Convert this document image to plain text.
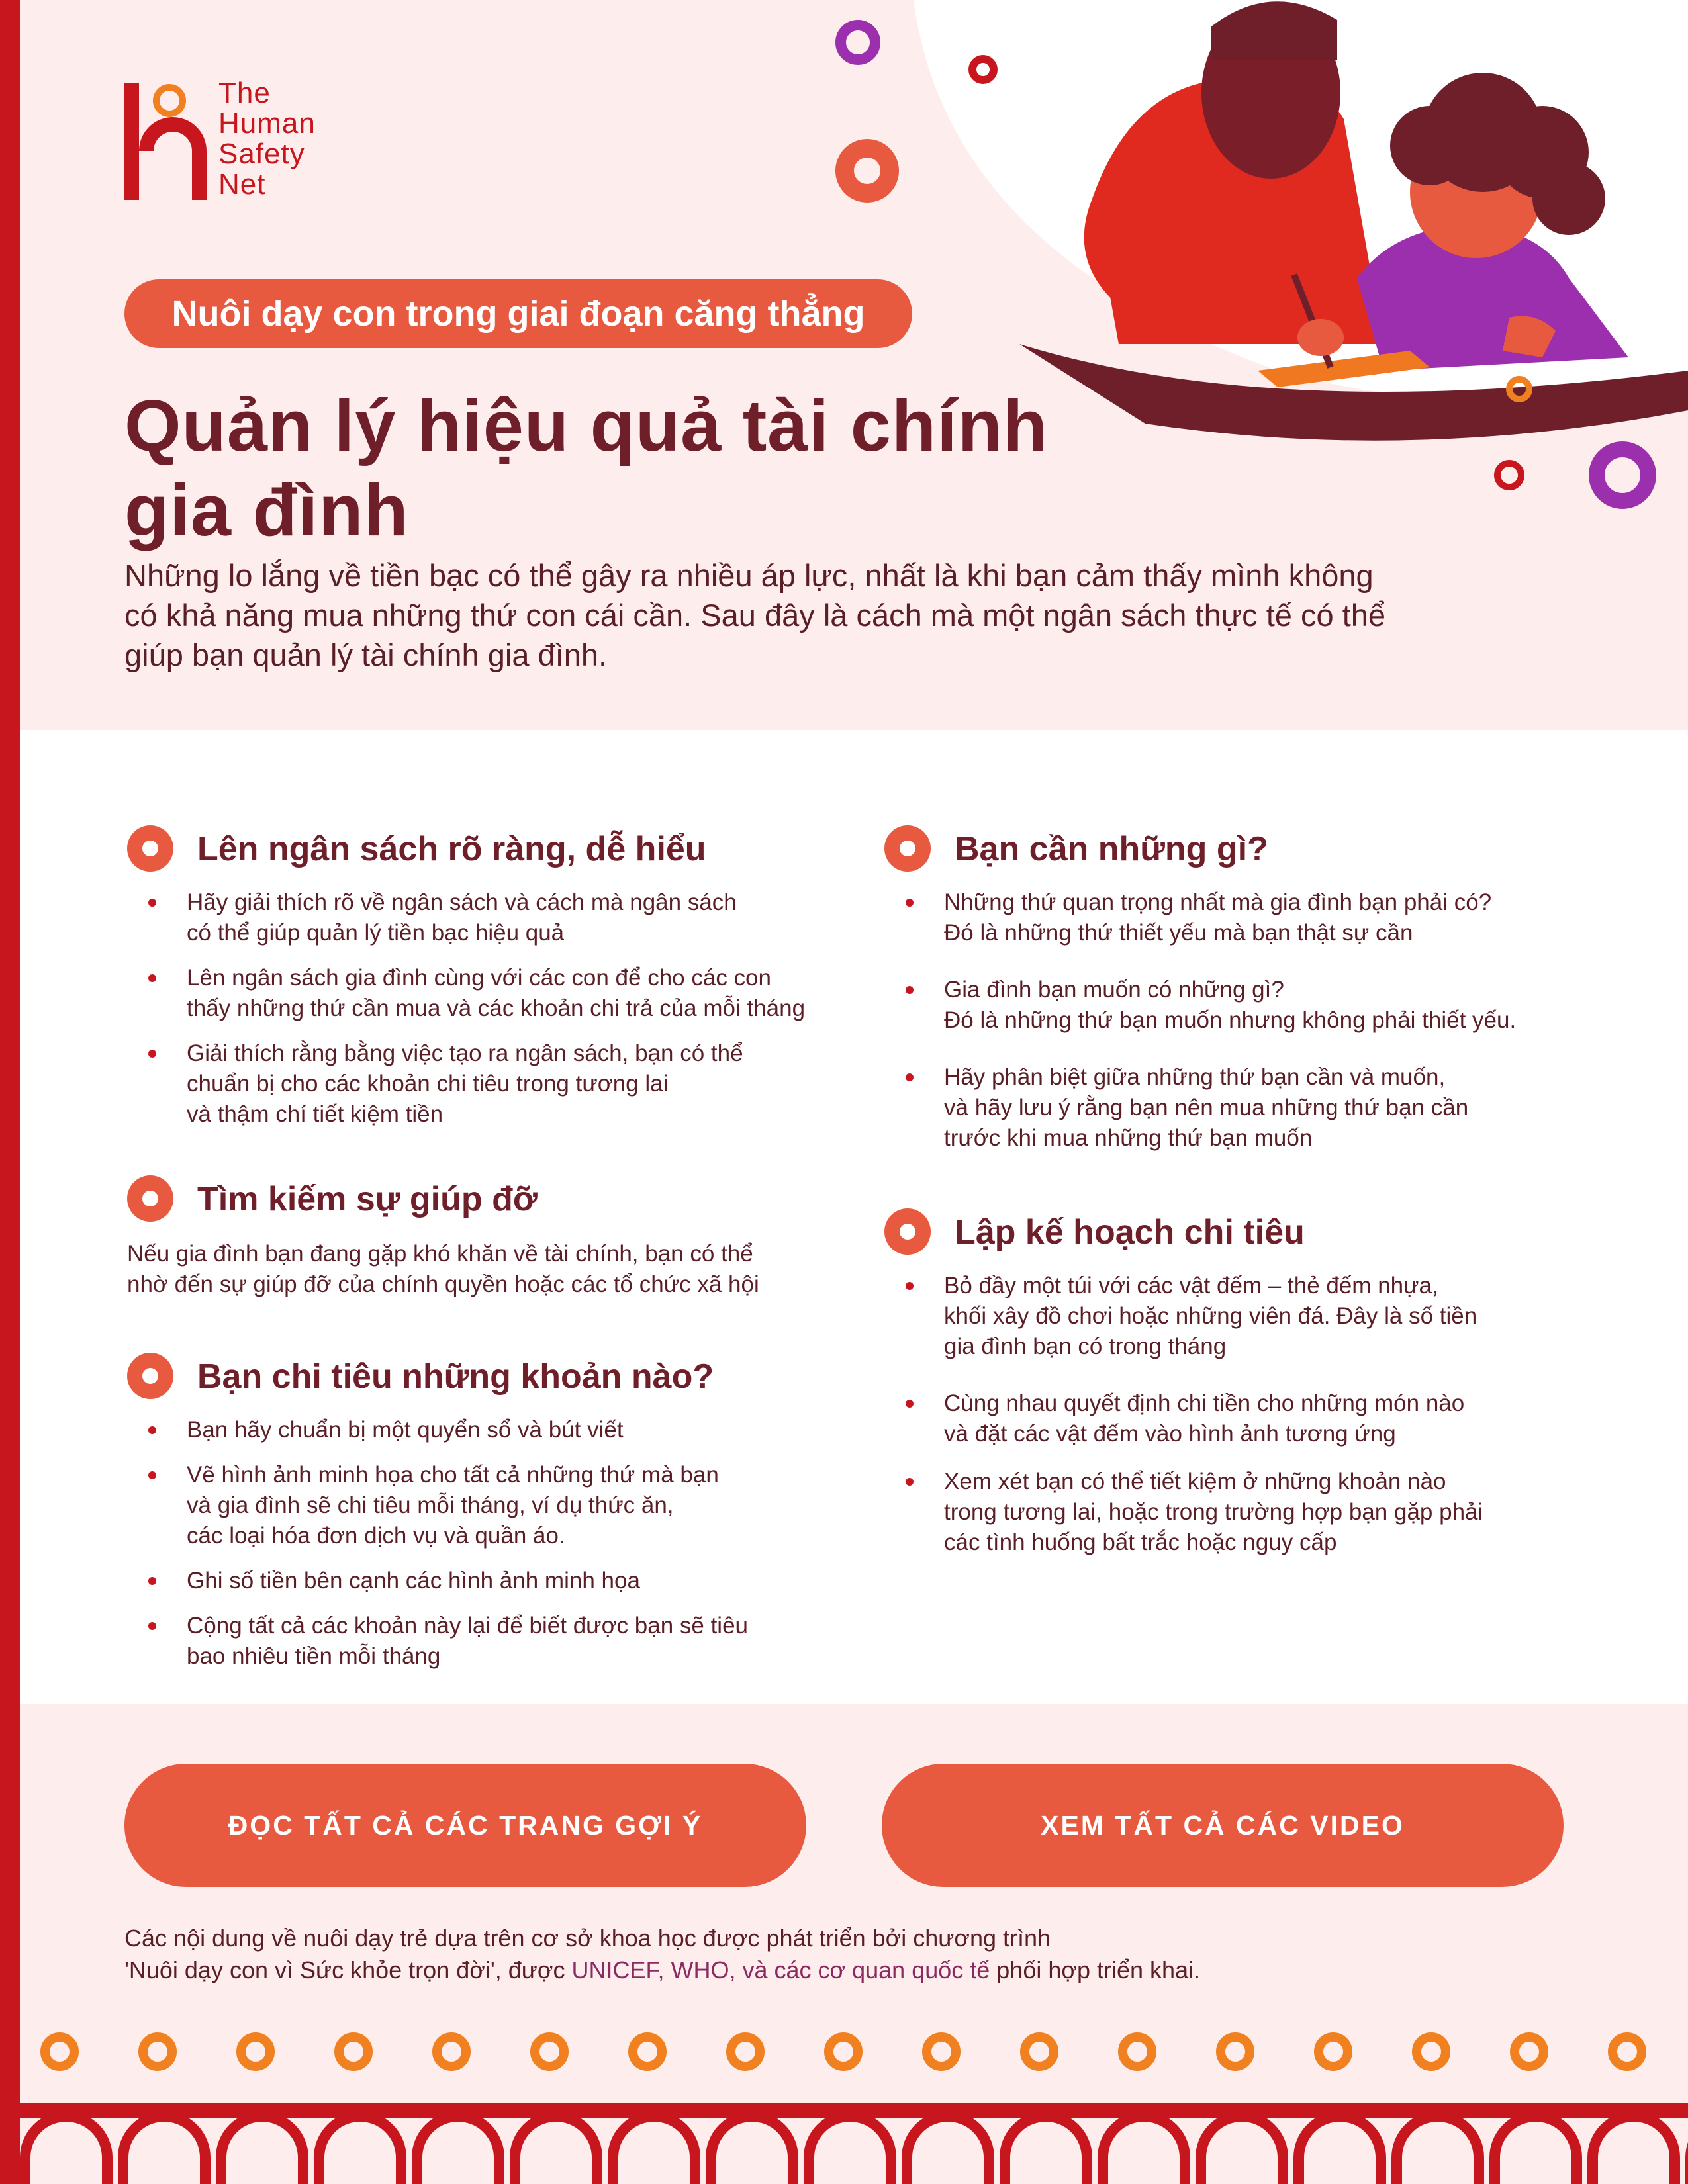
The
Human
Safety
Net
Nuôi dạy con trong giai đoạn căng thẳng
Quản lý hiệu quả tài chính
gia đình
Những lo lắng về tiền bạc có thể gây ra nhiều áp lực, nhất là khi bạn cảm thấy mình không
có khả năng mua những thứ con cái cần. Sau đây là cách mà một ngân sách thực tế có thể
giúp bạn quản lý tài chính gia đình.
Lên ngân sách rõ ràng, dễ hiểu
Hãy giải thích rõ về ngân sách và cách mà ngân sách
có thể giúp quản lý tiền bạc hiệu quả
Lên ngân sách gia đình cùng với các con để cho các con
thấy những thứ cần mua và các khoản chi trả của mỗi tháng
Giải thích rằng bằng việc tạo ra ngân sách, bạn có thể
chuẩn bị cho các khoản chi tiêu trong tương lai
và thậm chí tiết kiệm tiền
Tìm kiếm sự giúp đỡ
Nếu gia đình bạn đang gặp khó khăn về tài chính, bạn có thể
nhờ đến sự giúp đỡ của chính quyền hoặc các tổ chức xã hội
Bạn chi tiêu những khoản nào?
Bạn hãy chuẩn bị một quyển sổ và bút viết
Vẽ hình ảnh minh họa cho tất cả những thứ mà bạn
và gia đình sẽ chi tiêu mỗi tháng, ví dụ thức ăn,
các loại hóa đơn dịch vụ và quần áo.
Ghi số tiền bên cạnh các hình ảnh minh họa
Cộng tất cả các khoản này lại để biết được bạn sẽ tiêu
bao nhiêu tiền mỗi tháng
Bạn cần những gì?
Những thứ quan trọng nhất mà gia đình bạn phải có?
Đó là những thứ thiết yếu mà bạn thật sự cần
Gia đình bạn muốn có những gì?
Đó là những thứ bạn muốn nhưng không phải thiết yếu.
Hãy phân biệt giữa những thứ bạn cần và muốn,
và hãy lưu ý rằng bạn nên mua những thứ bạn cần
trước khi mua những thứ bạn muốn
Lập kế hoạch chi tiêu
Bỏ đầy một túi với các vật đếm – thẻ đếm nhựa,
khối xây đồ chơi hoặc những viên đá. Đây là số tiền
gia đình bạn có trong tháng
Cùng nhau quyết định chi tiền cho những món nào
và đặt các vật đếm vào hình ảnh tương ứng
Xem xét bạn có thể tiết kiệm ở những khoản nào
trong tương lai, hoặc trong trường hợp bạn gặp phải
các tình huống bất trắc hoặc nguy cấp
ĐỌC TẤT CẢ CÁC TRANG GỢI Ý	XEM TẤT CẢ CÁC VIDEO
Các nội dung về nuôi dạy trẻ dựa trên cơ sở khoa học được phát triển bởi chương trình
'Nuôi dạy con vì Sức khỏe trọn đời', được UNICEF, WHO, và các cơ quan quốc tế phối hợp triển khai.
